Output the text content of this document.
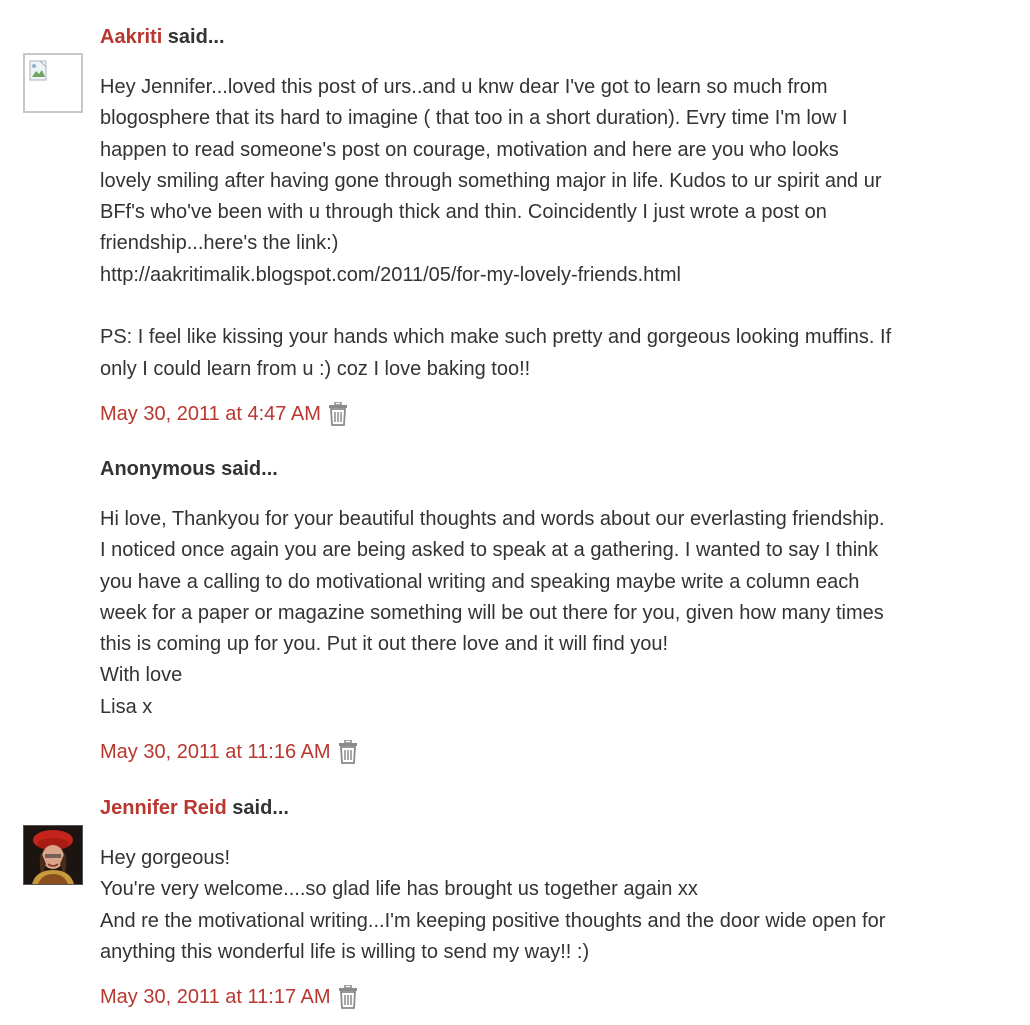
Aakriti said...

Hey Jennifer...loved this post of urs..and u knw dear I've got to learn so much from
blogosphere that its hard to imagine ( that too in a short duration). Evry time I'm low I
happen to read someone's post on courage, motivation and here are you who looks
lovely smiling after having gone through something major in life. Kudos to ur spirit and ur
BFf's who've been with u through thick and thin. Coincidently I just wrote a post on
friendship...here's the link:)
http://aakritimalik.blogspot.com/2011/05/for-my-lovely-friends.html
PS: I feel like kissing your hands which make such pretty and gorgeous looking muffins. If
only I could learn from u :) coz I love baking too!!
May 30, 2011 at 4:47 AM

Anonymous said...

Hi love, Thankyou for your beautiful thoughts and words about our everlasting friendship.
I noticed once again you are being asked to speak at a gathering. I wanted to say I think
you have a calling to do motivational writing and speaking maybe write a column each
week for a paper or magazine something will be out there for you, given how many times
this is coming up for you. Put it out there love and it will find you!
With love
Lisa x
May 30, 2011 at 11:16 AM

Jennifer Reid said...

Hey gorgeous!
You're very welcome....so glad life has brought us together again xx
And re the motivational writing...I'm keeping positive thoughts and the door wide open for
anything this wonderful life is willing to send my way!! :)
May 30, 2011 at 11:17 AM
